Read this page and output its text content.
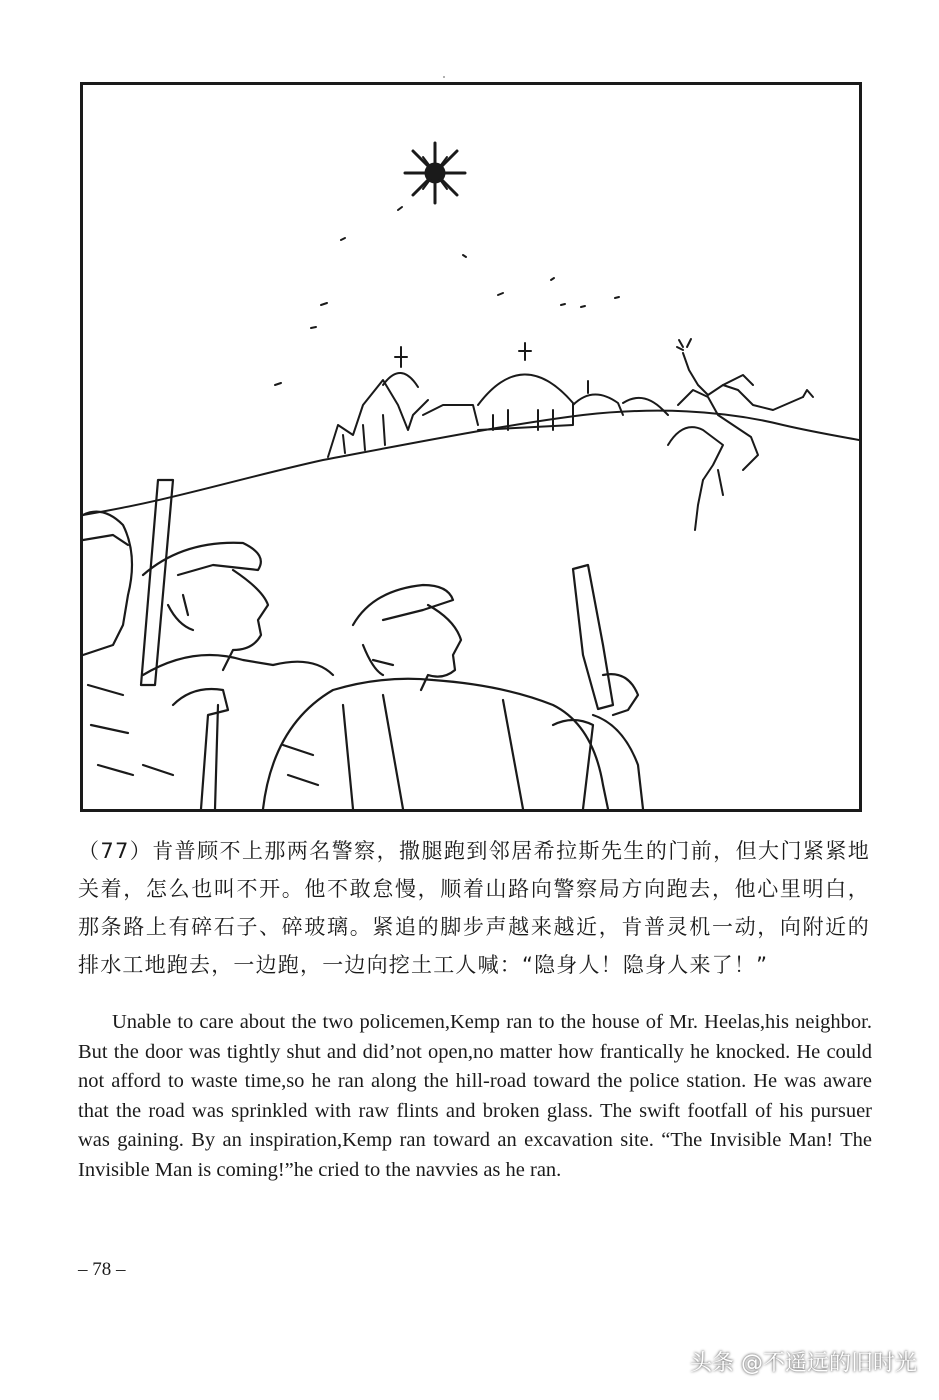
（77）肯普顾不上那两名警察，撒腿跑到邻居希拉斯先生的门前，但大门紧紧地关着，怎么也叫不开。他不敢怠慢，顺着山路向警察局方向跑去，他心里明白，那条路上有碎石子、碎玻璃。紧追的脚步声越来越近，肯普灵机一动，向附近的排水工地跑去，一边跑，一边向挖土工人喊：“隐身人！隐身人来了！”

Unable to care about the two policemen,Kemp ran to the house of Mr. Heelas,his neighbor. But the door was tightly shut and did’not open,no matter how frantically he knocked. He could not afford to waste time,so he ran along the hill-road toward the police station. He was aware that the road was sprinkled with raw flints and broken glass. The swift footfall of his pursuer was gaining. By an inspiration,Kemp ran toward an excavation site. “The Invisible Man! The Invisible Man is coming!”he cried to the navvies as he ran.

– 78 –
头条 @不遥远的旧时光
